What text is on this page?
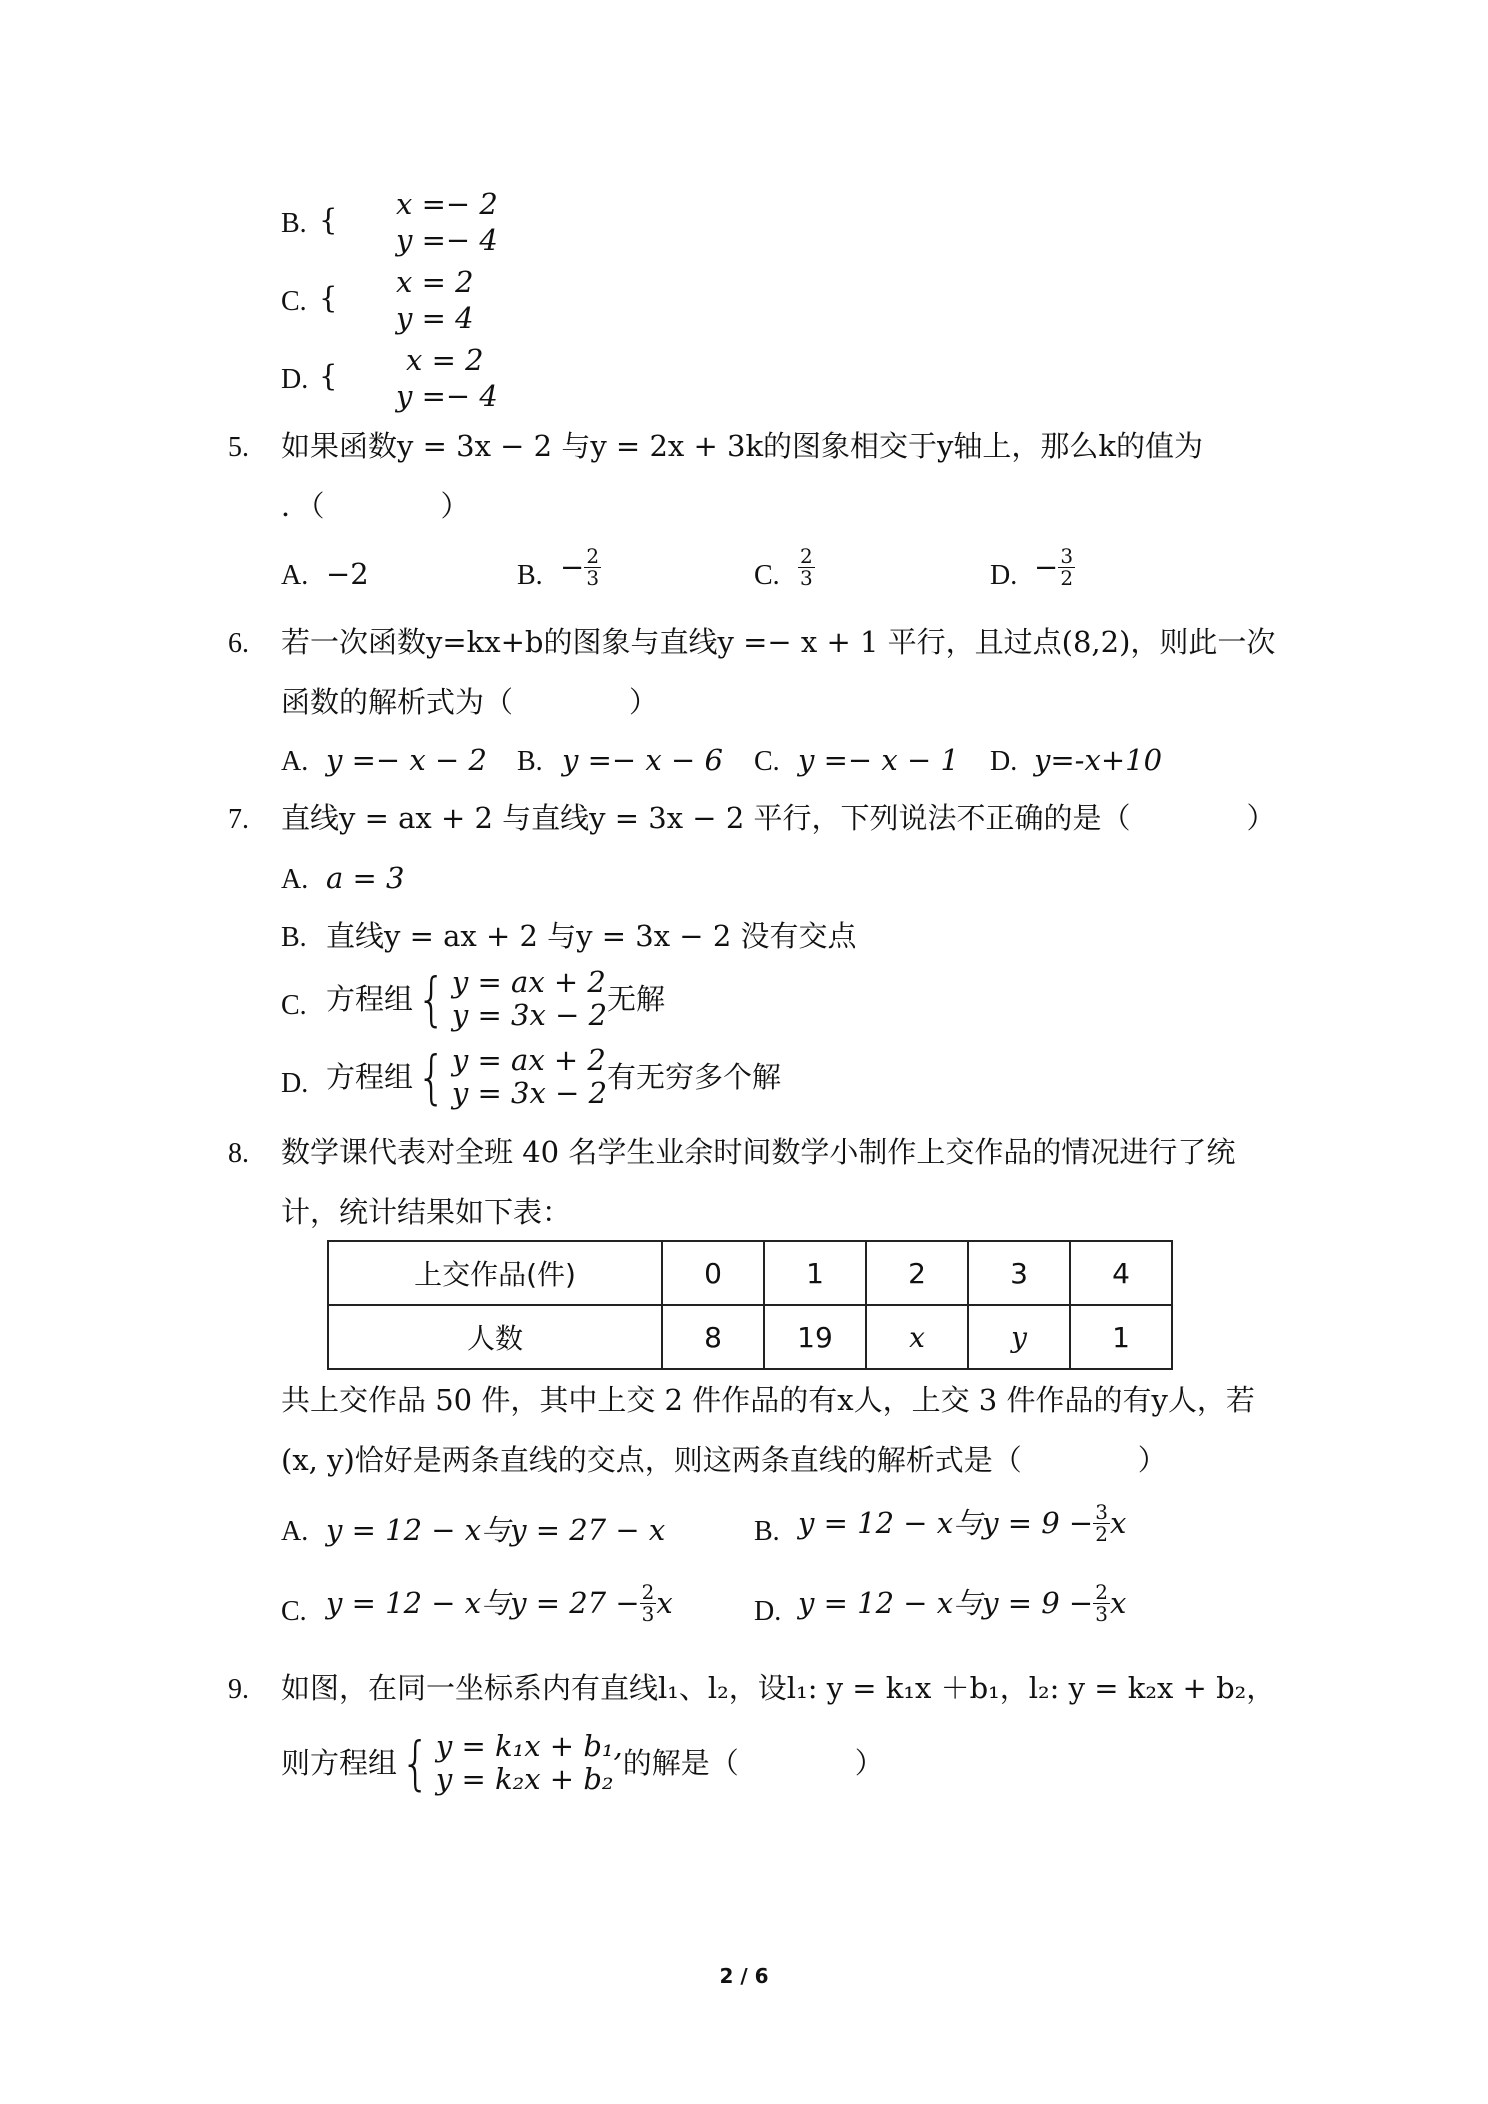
B. { x =− 2
y =− 4
C. { x = 2
y = 4
D. { x = 2
y =− 4
5. 如果函数y = 3x − 2 与y = 2x + 3k的图象相交于y轴上，那么k的值为
．（　　　　）
A. −2	B. − $\frac{2}{3}$	C. $\frac{2}{3}$	D. − $\frac{3}{2}$
6. 若一次函数y=kx+b的图象与直线y =− x + 1 平行，且过点(8,2)，则此一次
函数的解析式为（　　　　）
A. y =− x − 2 B. y =− x − 6 C. y =− x − 1 D. y=-x+10
7. 直线y = ax + 2 与直线y = 3x − 2 平行，下列说法不正确的是（　　　　）
A. a = 3
B. 直线y = ax + 2 与y = 3x − 2 没有交点
C. 方程组 { y = ax + 2
y = 3x − 2 无解
D. 方程组 { y = ax + 2
y = 3x − 2 有无穷多个解
8. 数学课代表对全班 40 名学生业余时间数学小制作上交作品的情况进行了统
计，统计结果如下表：
上交作品(件)	0	1	2	3	4
人数	8	19	x	y	1
共上交作品 50 件，其中上交 2 件作品的有x人，上交 3 件作品的有y人，若
(x, y)恰好是两条直线的交点，则这两条直线的解析式是（　　　　）
A. y = 12 − x与y = 27 − x	B. y = 12 − x与$y = 9 - \frac{3}{2}$ x
C. y = 12 − x与$y = 27 - \frac{2}{3}$ x	D. y = 12 − x与$y = 9 - \frac{2}{3}$ x
9. 如图，在同一坐标系内有直线l₁、l₂，设l₁: y = k₁x ＋b₁，l₂: y = k₂x + b₂，
则方程组 { y = k₁x + b₁,
y = k₂x + b₂ 的解是（　　　　）
2 / 6
